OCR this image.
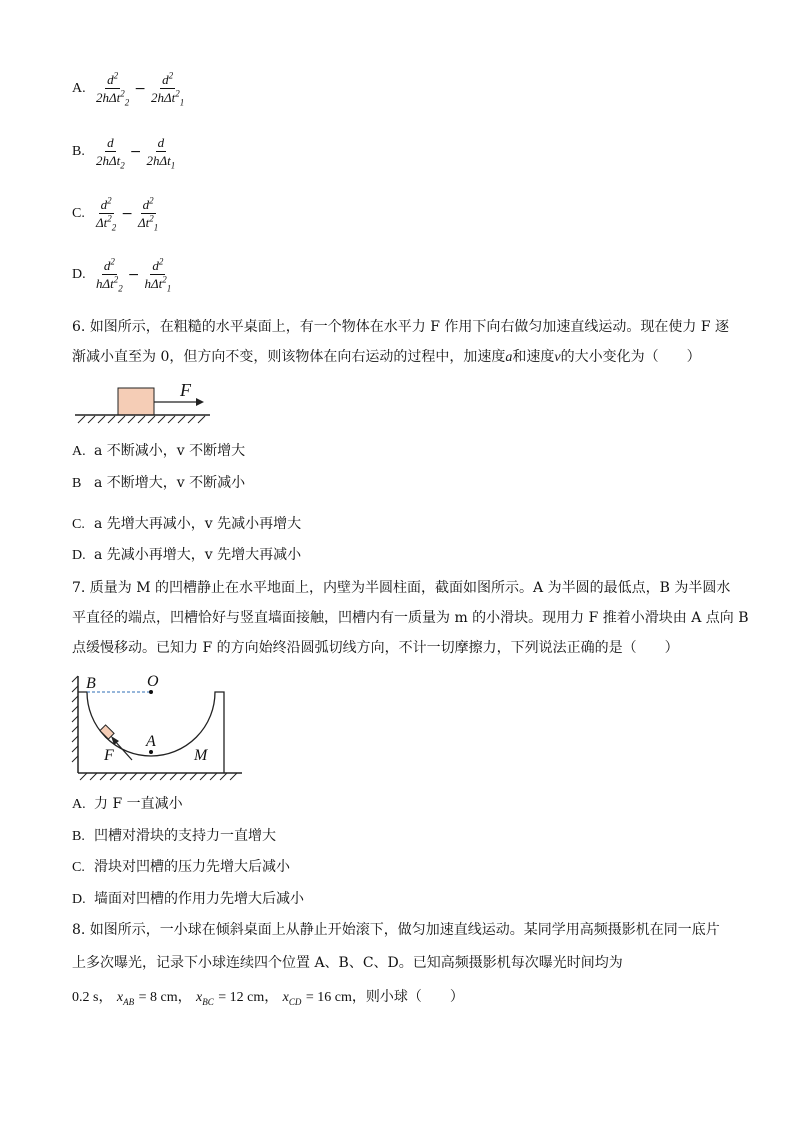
A. $\frac{d^2}{2h\Delta t^2_2} - \frac{d^2}{2h\Delta t^2_1}$
B. $\frac{d}{2h\Delta t_2} - \frac{d}{2h\Delta t_1}$
C. $\frac{d^2}{\Delta t^2_2} - \frac{d^2}{\Delta t^2_1}$
D. $\frac{d^2}{h\Delta t^2_2} - \frac{d^2}{h\Delta t^2_1}$
6. 如图所示，在粗糙的水平桌面上，有一个物体在水平力 F 作用下向右做匀加速直线运动。现在使力 F 逐
渐减小直至为 0，但方向不变，则该物体在向右运动的过程中，加速度a和速度v的大小变化为（　　）
F
A. a 不断减小，v 不断增大
B a 不断增大，v 不断减小
C. a 先增大再减小，v 先减小再增大
D. a 先减小再增大，v 先增大再减小
7. 质量为 M 的凹槽静止在水平地面上，内壁为半圆柱面，截面如图所示。A 为半圆的最低点，B 为半圆水
平直径的端点，凹槽恰好与竖直墙面接触，凹槽内有一质量为 m 的小滑块。现用力 F 推着小滑块由 A 点向 B
点缓慢移动。已知力 F 的方向始终沿圆弧切线方向，不计一切摩擦力，下列说法正确的是（　　）
B	O
A
F	M
A. 力 F 一直减小
B. 凹槽对滑块的支持力一直增大
C. 滑块对凹槽的压力先增大后减小
D. 墙面对凹槽的作用力先增大后减小
8. 如图所示，一小球在倾斜桌面上从静止开始滚下，做匀加速直线运动。某同学用高频摄影机在同一底片
上多次曝光，记录下小球连续四个位置 A、B、C、D。已知高频摄影机每次曝光时间均为
0.2 s， $x_{AB} = 8$ cm， $x_{BC} = 12$ cm， $x_{CD} = 16$ cm，则小球（　　）
